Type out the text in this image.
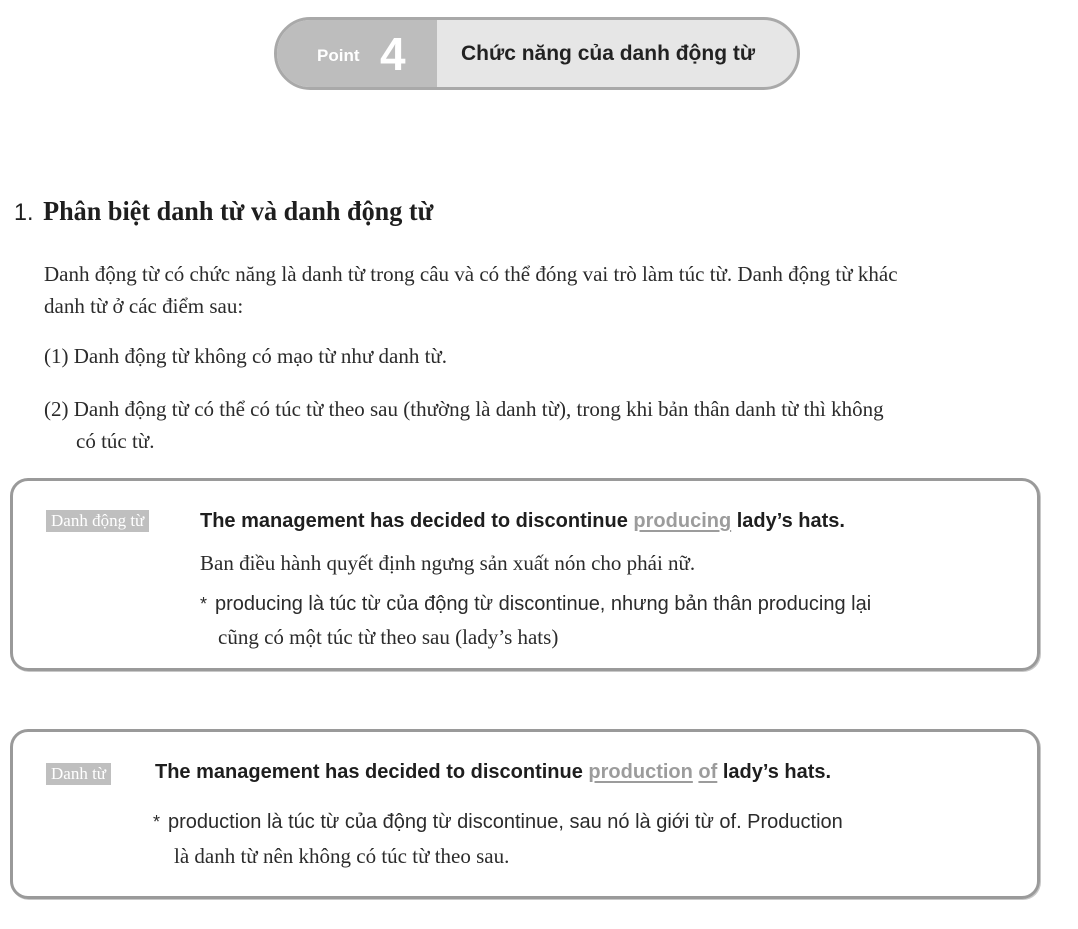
Point 4	Chức năng của danh động từ
1. Phân biệt danh từ và danh động từ
Danh động từ có chức năng là danh từ trong câu và có thể đóng vai trò làm túc từ. Danh động từ khác
danh từ ở các điểm sau:
(1) Danh động từ không có mạo từ như danh từ.
(2) Danh động từ có thể có túc từ theo sau (thường là danh từ), trong khi bản thân danh từ thì không
có túc từ.
Danh động từ	The management has decided to discontinue producing lady’s hats.
Ban điều hành quyết định ngưng sản xuất nón cho phái nữ.
* producing là túc từ của động từ discontinue, nhưng bản thân producing lại
cũng có một túc từ theo sau (lady’s hats)
Danh từ The management has decided to discontinue production of lady’s hats.
* production là túc từ của động từ discontinue, sau nó là giới từ of. Production
là danh từ nên không có túc từ theo sau.
